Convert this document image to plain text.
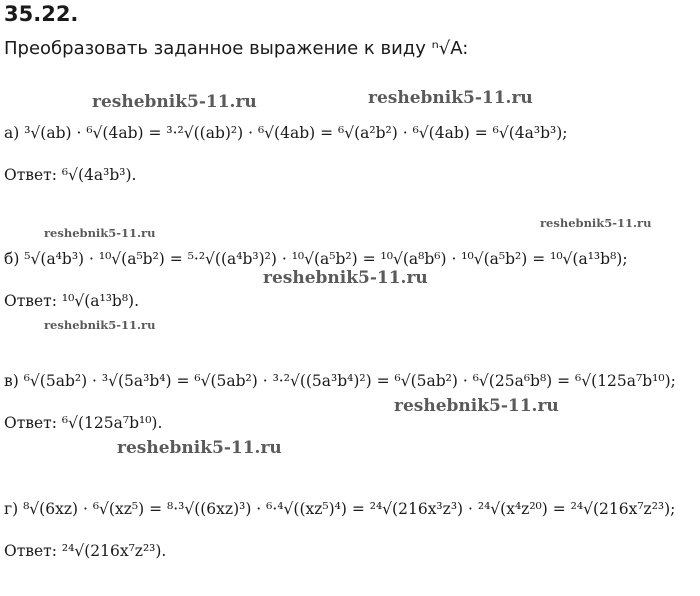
35.22.
Преобразовать заданное выражение к виду ⁿ√A:
reshebnik5-11.ru	reshebnik5-11.ru
а) ³√(ab) · ⁶√(4ab) = ³·²√((ab)²) · ⁶√(4ab) = ⁶√(a²b²) · ⁶√(4ab) = ⁶√(4a³b³);
Ответ: ⁶√(4a³b³).
reshebnik5-11.ru
reshebnik5-11.ru
б) ⁵√(a⁴b³) · ¹⁰√(a⁵b²) = ⁵·²√((a⁴b³)²) · ¹⁰√(a⁵b²) = ¹⁰√(a⁸b⁶) · ¹⁰√(a⁵b²) = ¹⁰√(a¹³b⁸);
reshebnik5-11.ru
Ответ: ¹⁰√(a¹³b⁸).
reshebnik5-11.ru
в) ⁶√(5ab²) · ³√(5a³b⁴) = ⁶√(5ab²) · ³·²√((5a³b⁴)²) = ⁶√(5ab²) · ⁶√(25a⁶b⁸) = ⁶√(125a⁷b¹⁰);
reshebnik5-11.ru
Ответ: ⁶√(125a⁷b¹⁰).
reshebnik5-11.ru
г) ⁸√(6xz) · ⁶√(xz⁵) = ⁸·³√((6xz)³) · ⁶·⁴√((xz⁵)⁴) = ²⁴√(216x³z³) · ²⁴√(x⁴z²⁰) = ²⁴√(216x⁷z²³);
Ответ: ²⁴√(216x⁷z²³).
